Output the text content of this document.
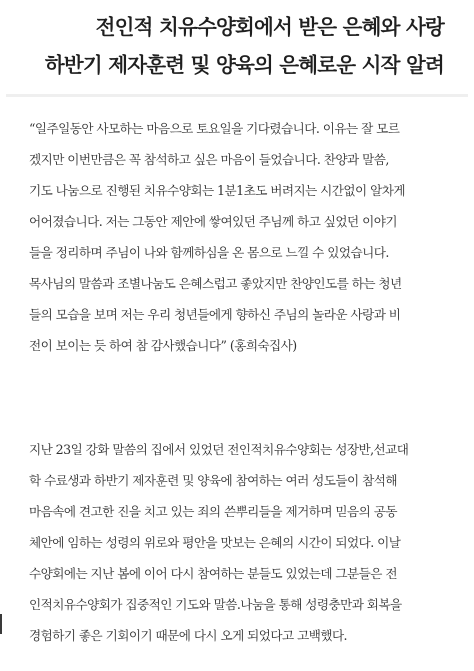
전인적 치유수양회에서 받은 은혜와 사랑
하반기 제자훈련 및 양육의 은혜로운 시작 알려
“일주일동안 사모하는 마음으로 토요일을 기다렸습니다. 이유는 잘 모르
겠지만 이번만큼은 꼭 참석하고 싶은 마음이 들었습니다. 찬양과 말씀,
기도 나눔으로 진행된 치유수양회는 1분1초도 버려지는 시간없이 알차게
어어졌습니다. 저는 그동안 제안에 쌓여있던 주님께 하고 싶었던 이야기
들을 정리하며 주님이 나와 함께하심을 온 몸으로 느낄 수 있었습니다.
목사님의 말씀과 조별나눔도 은혜스럽고 좋았지만 찬양인도를 하는 청년
들의 모습을 보며 저는 우리 청년들에게 향하신 주님의 놀라운 사랑과 비
전이 보이는 듯 하여 참 감사했습니다” (홍희숙집사)
지난 23일 강화 말씀의 집에서 있었던 전인적치유수양회는 성장반,선교대
학 수료생과 하반기 제자훈련 및 양육에 참여하는 여러 성도들이 참석해
마음속에 견고한 진을 치고 있는 죄의 쓴뿌리들을 제거하며 믿음의 공동
체안에 임하는 성령의 위로와 평안을 맛보는 은혜의 시간이 되었다. 이날
수양회에는 지난 봄에 이어 다시 참여하는 분들도 있었는데 그분들은 전
인적치유수양회가 집중적인 기도와 말씀.나눔을 통해 성령충만과 회복을
경험하기 좋은 기회이기 때문에 다시 오게 되었다고 고백했다.
